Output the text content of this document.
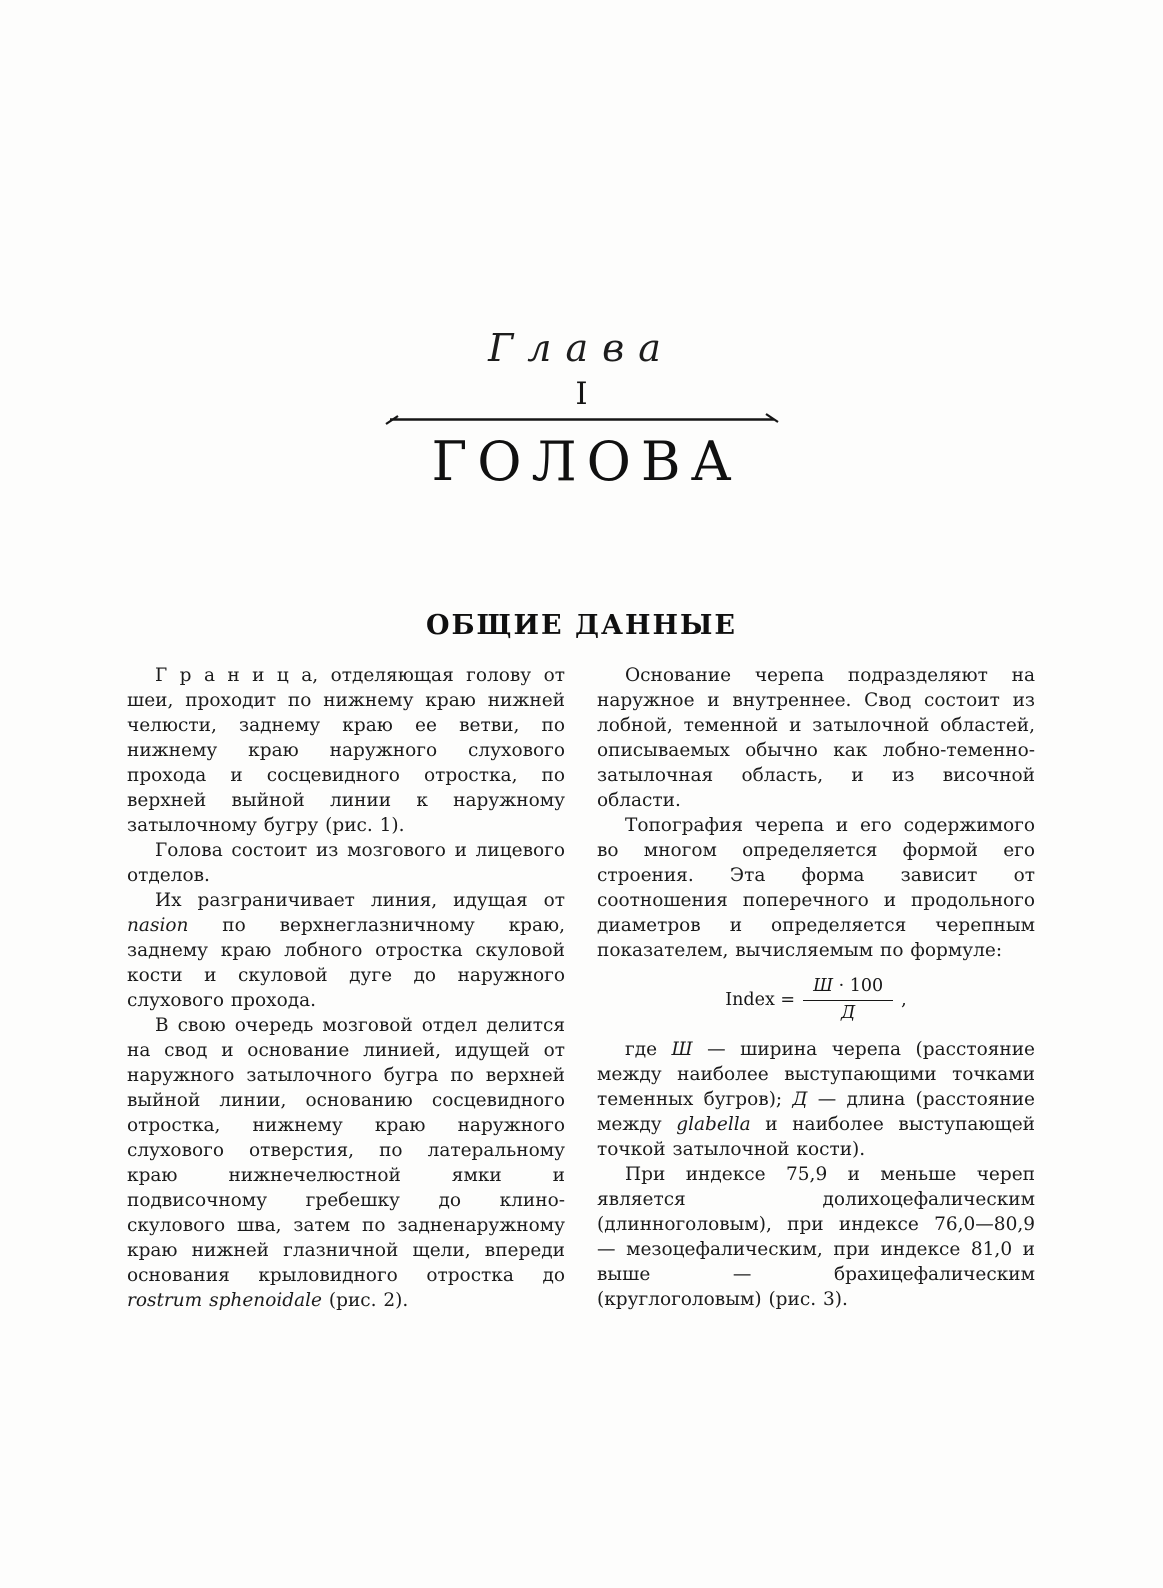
Глава
I
ГОЛОВА
ОБЩИЕ ДАННЫЕ

Г р а н и ц а, отделяющая голову от шеи, проходит по нижнему краю нижней челюсти, заднему краю ее ветви, по нижнему краю наружного слухового прохода и сосцевидного отростка, по верхней выйной линии к наружному затылочному бугру (рис. 1).

Голова состоит из мозгового и лицевого отделов.

Их разграничивает линия, идущая от nasion по верхнеглазничному краю, заднему краю лобного отростка скуловой кости и скуловой дуге до наружного слухового прохода.

В свою очередь мозговой отдел делится на свод и основание линией, идущей от наружного затылочного бугра по верхней выйной линии, основанию сосцевидного отростка, нижнему краю наружного слухового отверстия, по латеральному краю нижнечелюстной ямки и подвисочному гребешку до клино-скулового шва, затем по задненаружному краю нижней глазничной щели, впереди основания крыловидного отростка до rostrum sphenoidale (рис. 2).

Основание черепа подразделяют на наружное и внутреннее. Свод состоит из лобной, теменной и затылочной областей, описываемых обычно как лобно-теменно-затылочная область, и из височной области.

Топография черепа и его содержимого во многом определяется формой его строения. Эта форма зависит от соотношения поперечного и продольного диаметров и определяется черепным показателем, вычисляемым по формуле:

Index = $\frac{Ш \cdot 100}{Д}$ ,

где Ш — ширина черепа (расстояние между наиболее выступающими точками теменных бугров); Д — длина (расстояние между glabella и наиболее выступающей точкой затылочной кости).

При индексе 75,9 и меньше череп является долихоцефалическим (длинноголовым), при индексе 76,0—80,9 — мезоцефалическим, при индексе 81,0 и выше — брахицефалическим (круглоголовым) (рис. 3).
